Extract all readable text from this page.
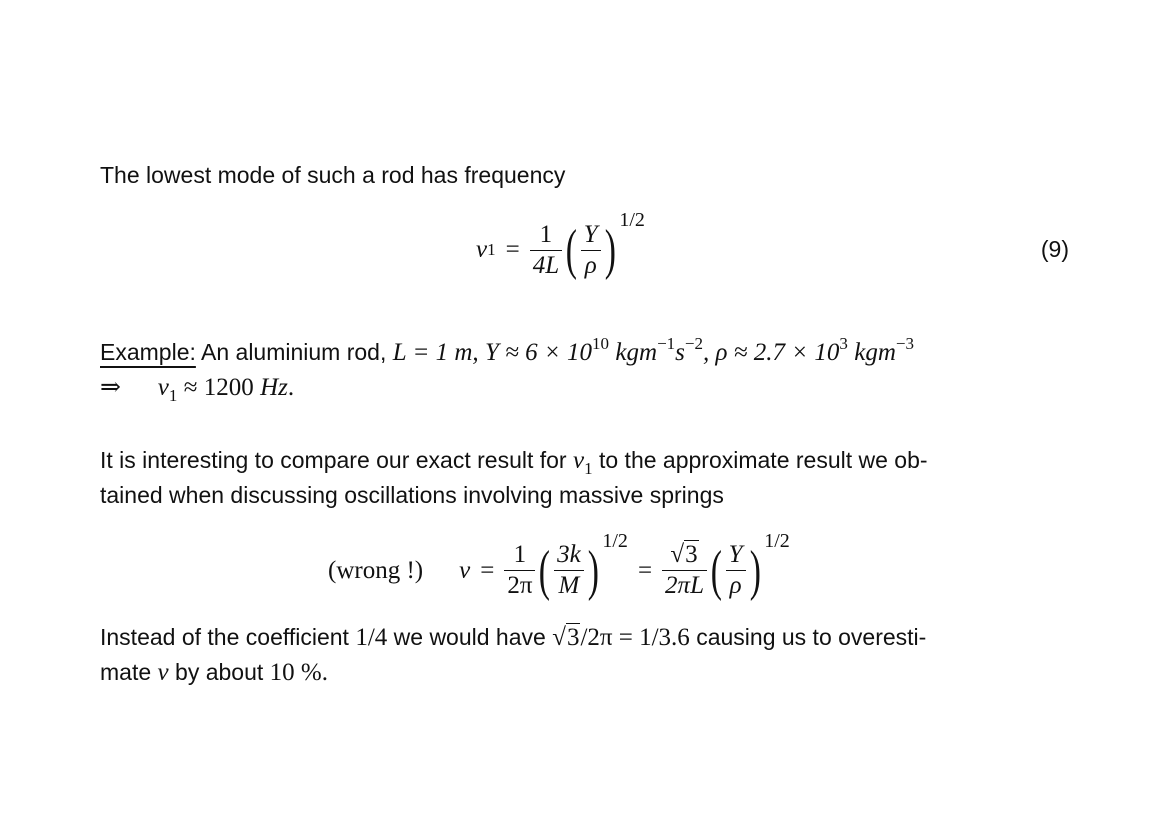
The lowest mode of such a rod has frequency
ν $1 = \frac{1}{4L}$ ( $\frac{Y}{\rho}$ ) 1/2
(9)
Example: An aluminium rod, L = 1 m, $Y \approx 6 \times 10^{10}$ $kgm^{-1}s^{-2}$, $\rho \approx 2.7 \times 10^3$ kgm$^{-3}$
⇒ $\nu_1 \approx 1200$ Hz.
It is interesting to compare our exact result for $\nu_1$ to the approximate result we ob-
tained when discussing oscillations involving massive springs
(wrong !) $\nu = \frac{1}{2\pi}$ ( $\frac{3k}{M}$ ) 1/2
= $\frac{√3}{2\pi L}$ ( $\frac{Y}{\rho}$ ) 1/2
Instead of the coefficient 1/4 we would have √3/2π = 1/3.6 causing us to overesti-
mate ν by about 10 %.
